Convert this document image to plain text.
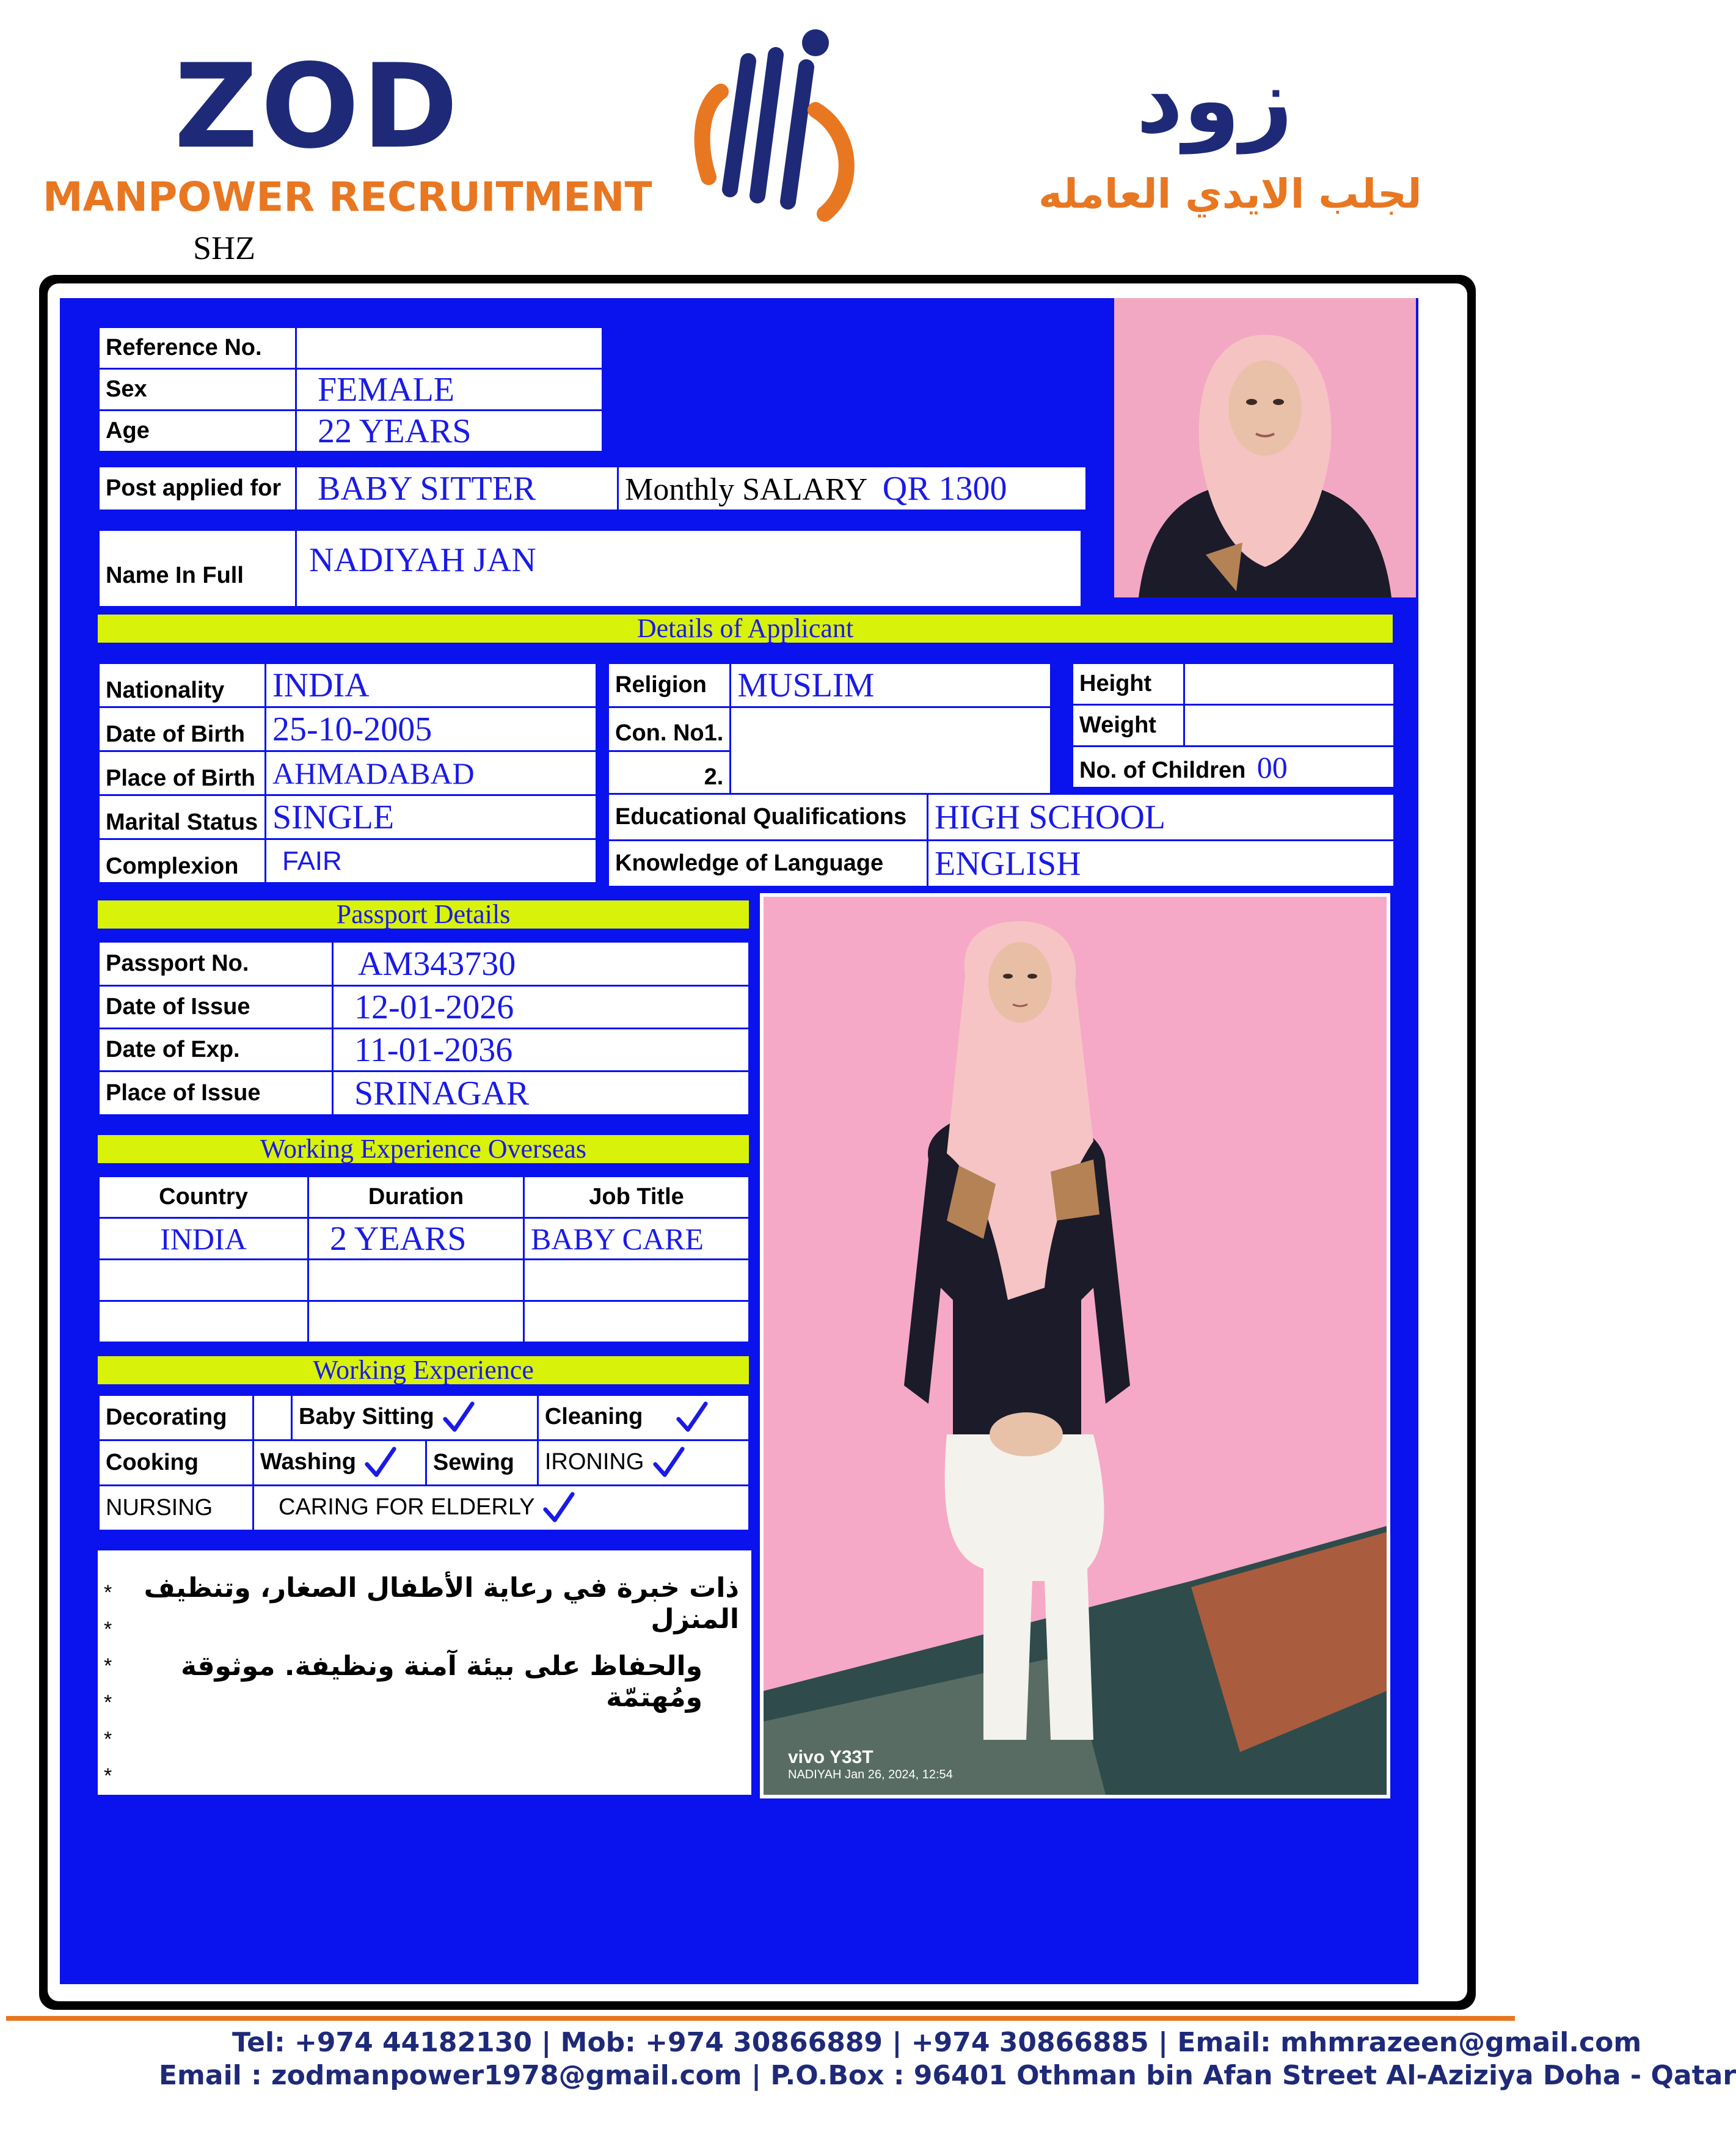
ZOD
MANPOWER RECRUITMENT
SHZ
زود
لجلب الايدي العامله
Reference No.	
Sex	FEMALE
Age	22 YEARS
Post applied for	BABY SITTER	Monthly SALARY QR 1300
Name In Full	NADIYAH JAN
Details of Applicant
Nationality	INDIA
Date of Birth	25-10-2005
Place of Birth	AHMADABAD
Marital Status	SINGLE
Complexion	FAIR
Religion	MUSLIM
Con. No1.	
2.	
Height	
Weight	
No. of Children 00	
Educational Qualifications	HIGH SCHOOL
Knowledge of Language	ENGLISH
Passport Details
Passport No.	AM343730
Date of Issue	12-01-2026
Date of Exp.	11-01-2036
Place of Issue	SRINAGAR
Working Experience Overseas
Country	Duration	Job Title
INDIA	2 YEARS	BABY CARE

Working Experience
Decorating		Baby Sitting		Cleaning
Cooking	Washing		Sewing	IRONING
NURSING	CARING FOR ELDERLY			
*
*
*
*
*
*
ذات خبرة في رعاية الأطفال الصغار، وتنظيف المنزل
والحفاظ على بيئة آمنة ونظيفة. موثوقة ومُهتمّة
vivo Y33T
NADIYAH Jan 26, 2024, 12:54
Tel: +974 44182130 | Mob: +974 30866889 | +974 30866885 | Email: mhmrazeen@gmail.com
Email : zodmanpower1978@gmail.com | P.O.Box : 96401 Othman bin Afan Street Al-Aziziya Doha - Qatar
